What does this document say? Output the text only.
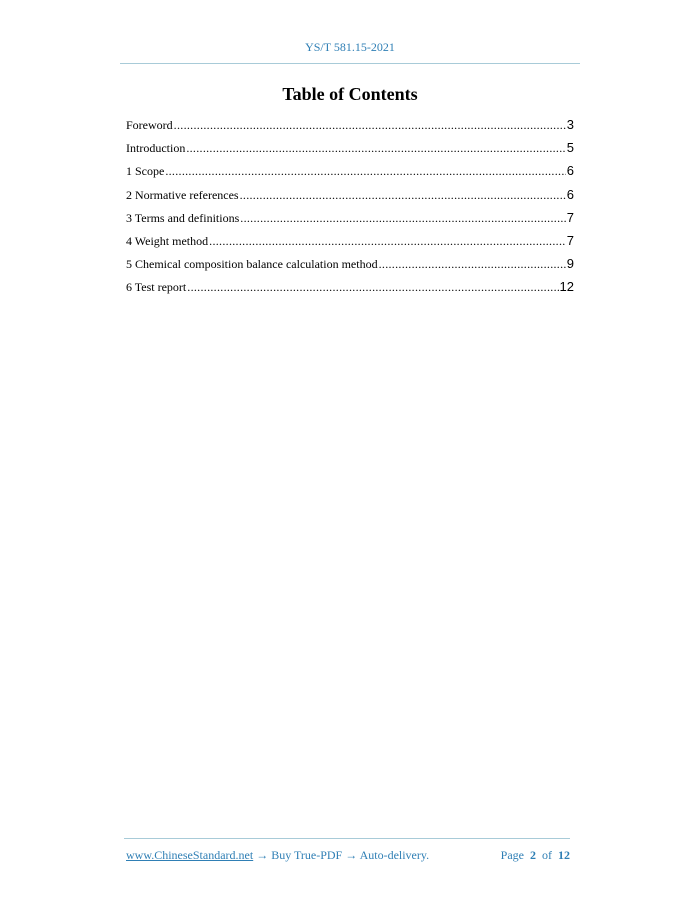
YS/T 581.15-2021
Table of Contents
Foreword .....	3
Introduction .....	5
1 Scope .....	6
2 Normative references .....	6
3 Terms and definitions .....	7
4 Weight method .....	7
5 Chemical composition balance calculation method .....	9
6 Test report .....	12
www.ChineseStandard.net → Buy True-PDF → Auto-delivery.	Page 2 of 12
